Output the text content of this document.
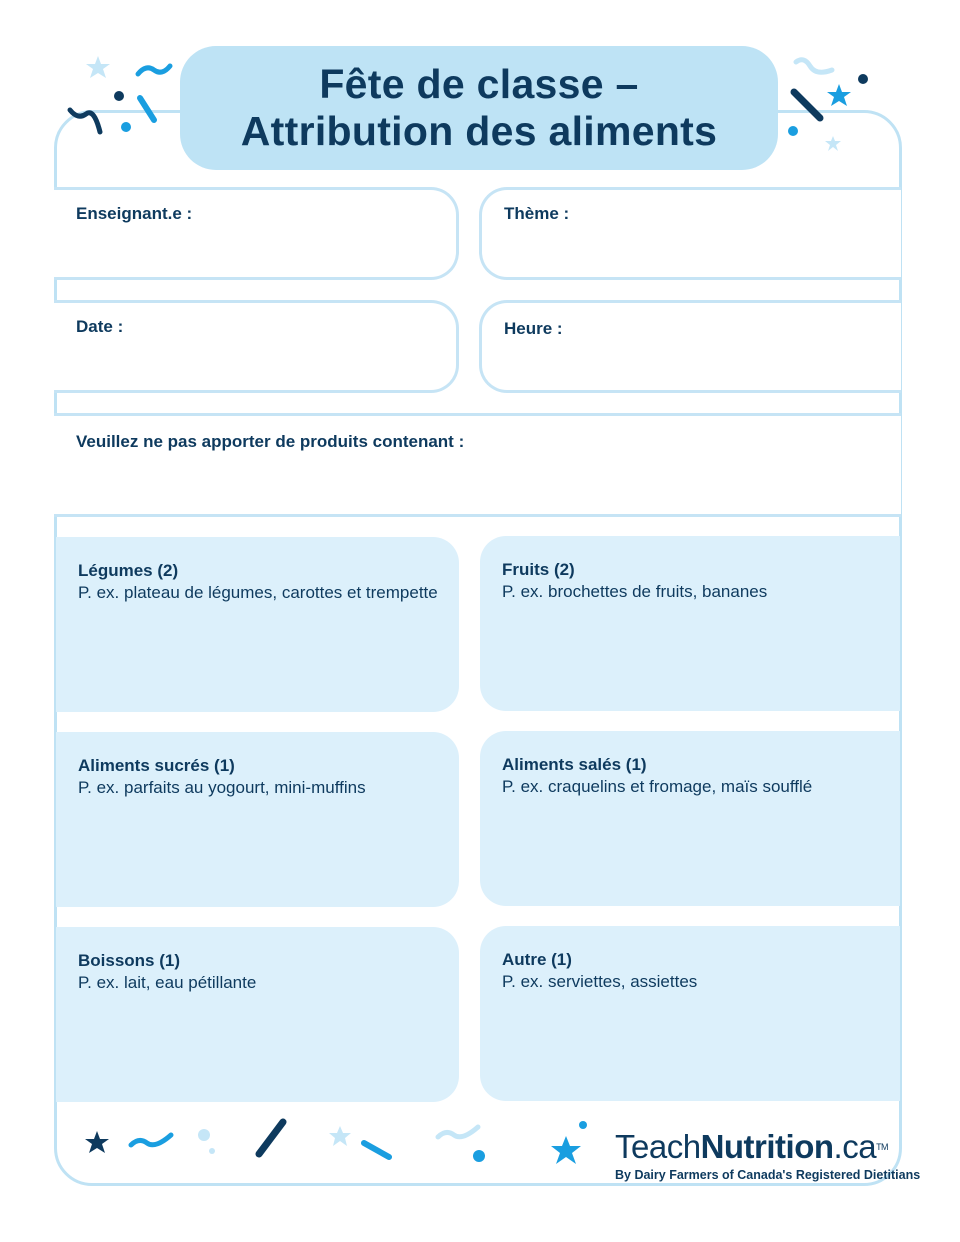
Fête de classe –
Attribution des aliments
Enseignant.e :	Thème :
Date :	Heure :
Veuillez ne pas apporter de produits contenant :
Légumes (2)
P. ex. plateau de légumes, carottes et trempette
Fruits (2)
P. ex. brochettes de fruits, bananes
Aliments sucrés (1)
P. ex. parfaits au yogourt, mini-muffins
Aliments salés (1)
P. ex. craquelins et fromage, maïs soufflé
Boissons (1)
P. ex. lait, eau pétillante
Autre (1)
P. ex. serviettes, assiettes
TeachNutrition.ca™
By Dairy Farmers of Canada's Registered Dietitians
